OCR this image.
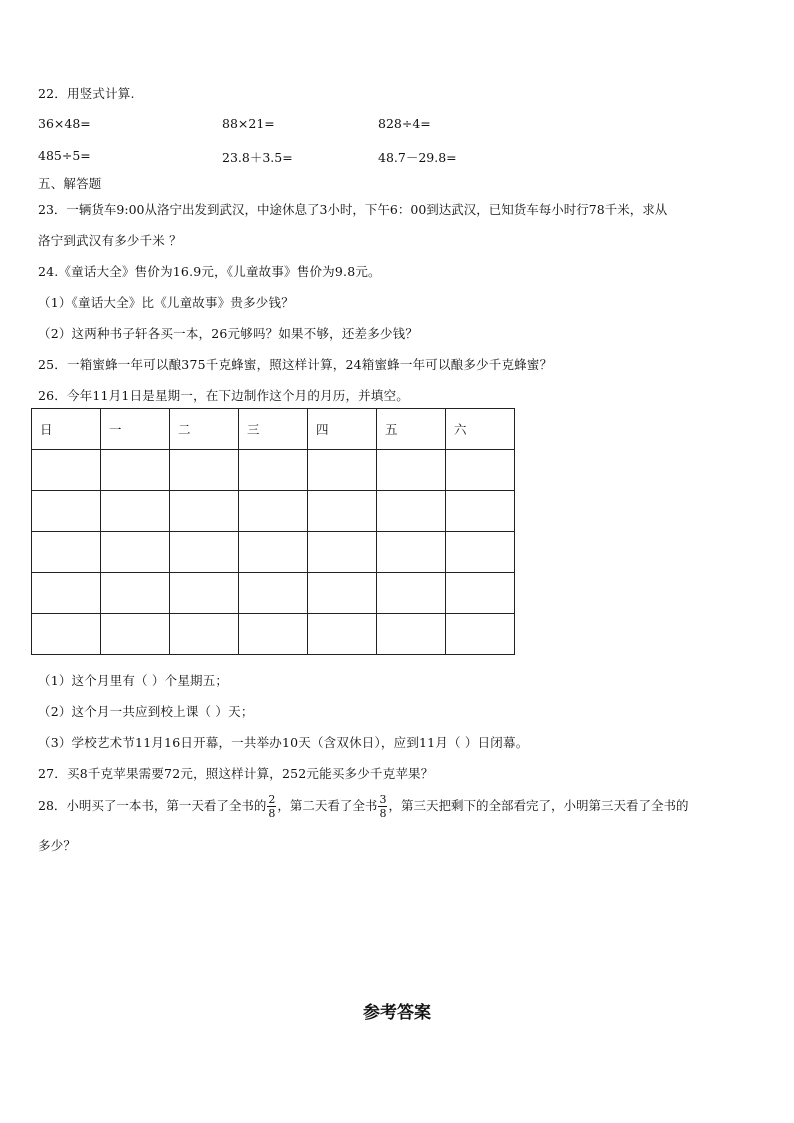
22．用竖式计算.
36×48=	88×21=	828÷4=
485÷5=	23.8＋3.5=	48.7－29.8=
五、解答题
23．一辆货车9:00从洛宁出发到武汉，中途休息了3小时，下午6：00到达武汉，已知货车每小时行78千米，求从
洛宁到武汉有多少千米 ？
24.《童话大全》售价为16.9元，《儿童故事》售价为9.8元。
（1）《童话大全》比《儿童故事》贵多少钱？
（2）这两种书子轩各买一本，26元够吗？如果不够，还差多少钱？
25．一箱蜜蜂一年可以酿375千克蜂蜜，照这样计算，24箱蜜蜂一年可以酿多少千克蜂蜜？
26．今年11月1日是星期一，在下边制作这个月的月历，并填空。
日	一	二	三	四	五	六

（1）这个月里有（ ）个星期五；
（2）这个月一共应到校上课（ ）天；
（3）学校艺术节11月16日开幕，一共举办10天（含双休日），应到11月（ ）日闭幕。
27．买8千克苹果需要72元，照这样计算，252元能买多少千克苹果？
28．小明买了一本书，第一天看了全书的 $\frac{2}{8}$ ，第二天看了全书 $\frac{3}{8}$ ，第三天把剩下的全部看完了，小明第三天看了全书的
多少？
参考答案
